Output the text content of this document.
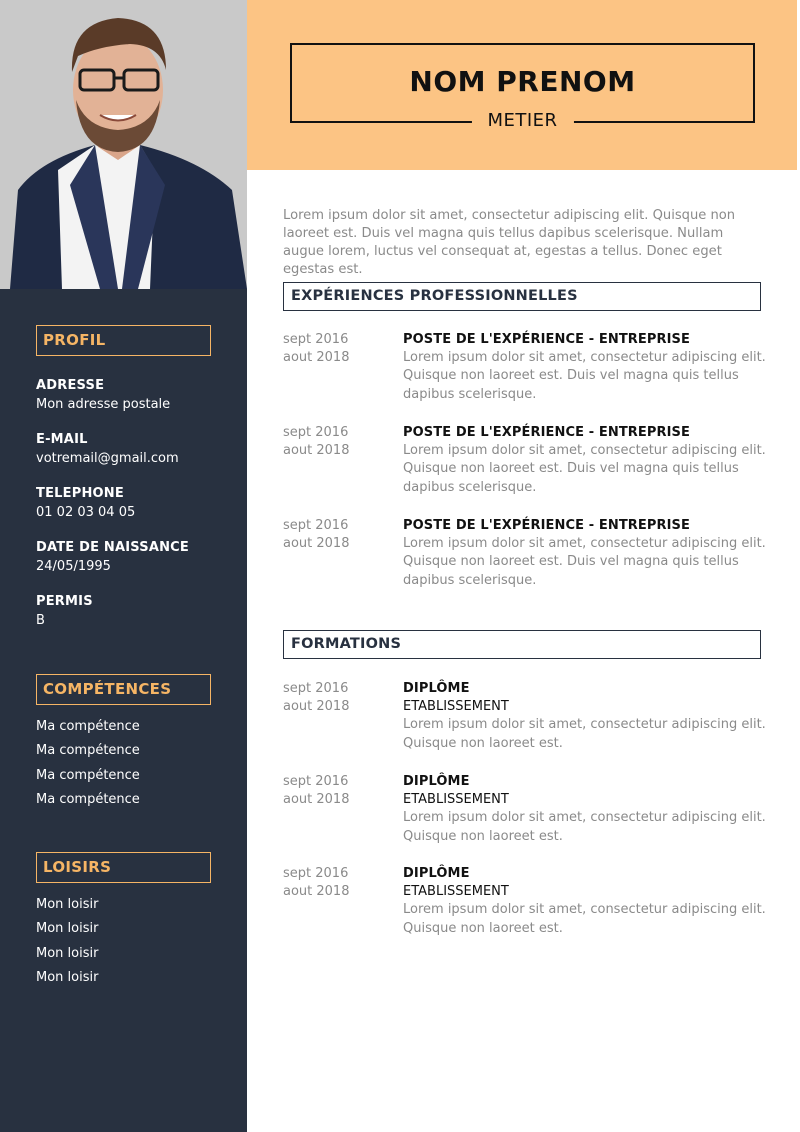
PROFIL
ADRESSE
Mon adresse postale
E-MAIL
votremail@gmail.com
TELEPHONE
01 02 03 04 05
DATE DE NAISSANCE
24/05/1995
PERMIS
B
COMPÉTENCES
Ma compétence
Ma compétence
Ma compétence
Ma compétence
LOISIRS
Mon loisir
Mon loisir
Mon loisir
Mon loisir
NOM PRENOM
METIER
Lorem ipsum dolor sit amet, consectetur adipiscing elit. Quisque non laoreet est. Duis vel magna quis tellus dapibus scelerisque. Nullam augue lorem, luctus vel consequat at, egestas a tellus. Donec eget egestas est.
EXPÉRIENCES PROFESSIONNELLES
sept 2016
aout 2018
POSTE DE L'EXPÉRIENCE - ENTREPRISE
Lorem ipsum dolor sit amet, consectetur adipiscing elit. Quisque non laoreet est. Duis vel magna quis tellus dapibus scelerisque.
sept 2016
aout 2018
POSTE DE L'EXPÉRIENCE - ENTREPRISE
Lorem ipsum dolor sit amet, consectetur adipiscing elit. Quisque non laoreet est. Duis vel magna quis tellus dapibus scelerisque.
sept 2016
aout 2018
POSTE DE L'EXPÉRIENCE - ENTREPRISE
Lorem ipsum dolor sit amet, consectetur adipiscing elit. Quisque non laoreet est. Duis vel magna quis tellus dapibus scelerisque.
FORMATIONS
sept 2016
aout 2018
DIPLÔME
ETABLISSEMENT
Lorem ipsum dolor sit amet, consectetur adipiscing elit. Quisque non laoreet est.
sept 2016
aout 2018
DIPLÔME
ETABLISSEMENT
Lorem ipsum dolor sit amet, consectetur adipiscing elit. Quisque non laoreet est.
sept 2016
aout 2018
DIPLÔME
ETABLISSEMENT
Lorem ipsum dolor sit amet, consectetur adipiscing elit. Quisque non laoreet est.
